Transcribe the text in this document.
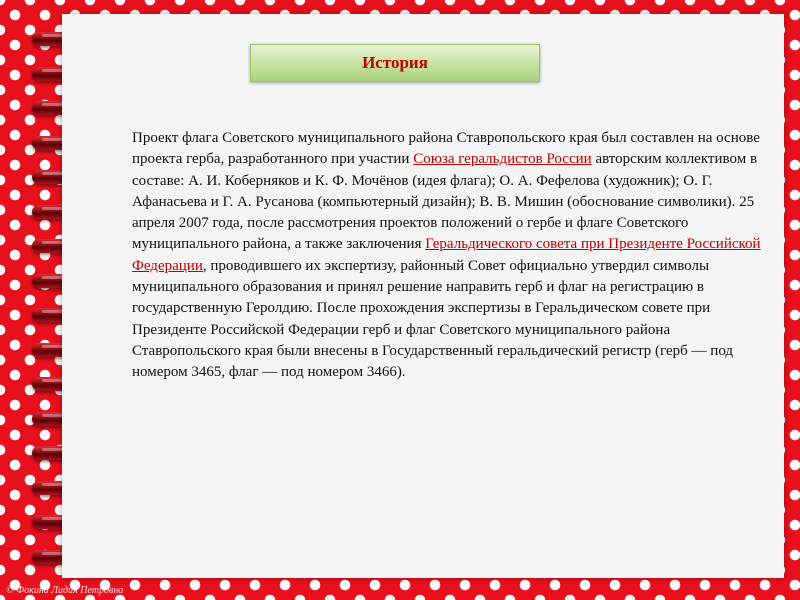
История
Проект флага Советского муниципального района Ставропольского края был составлен на основе проекта герба, разработанного при участии Союза геральдистов России авторским коллективом в составе: А. И. Коберняков и К. Ф. Мочёнов (идея флага); О. А. Фефелова (художник); О. Г. Афанасьева и Г. А. Русанова (компьютерный дизайн); В. В. Мишин (обоснование символики). 25 апреля 2007 года, после рассмотрения проектов положений о гербе и флаге Советского муниципального района, а также заключения Геральдического совета при Президенте Российской Федерации, проводившего их экспертизу, районный Совет официально утвердил символы муниципального образования и принял решение направить герб и флаг на регистрацию в государственную Геролдию. После прохождения экспертизы в Геральдическом совете при Президенте Российской Федерации герб и флаг Советского муниципального района Ставропольского края были внесены в Государственный геральдический регистр (герб — под номером 3465, флаг — под номером 3466).
© Фокина Лидия Петровна
